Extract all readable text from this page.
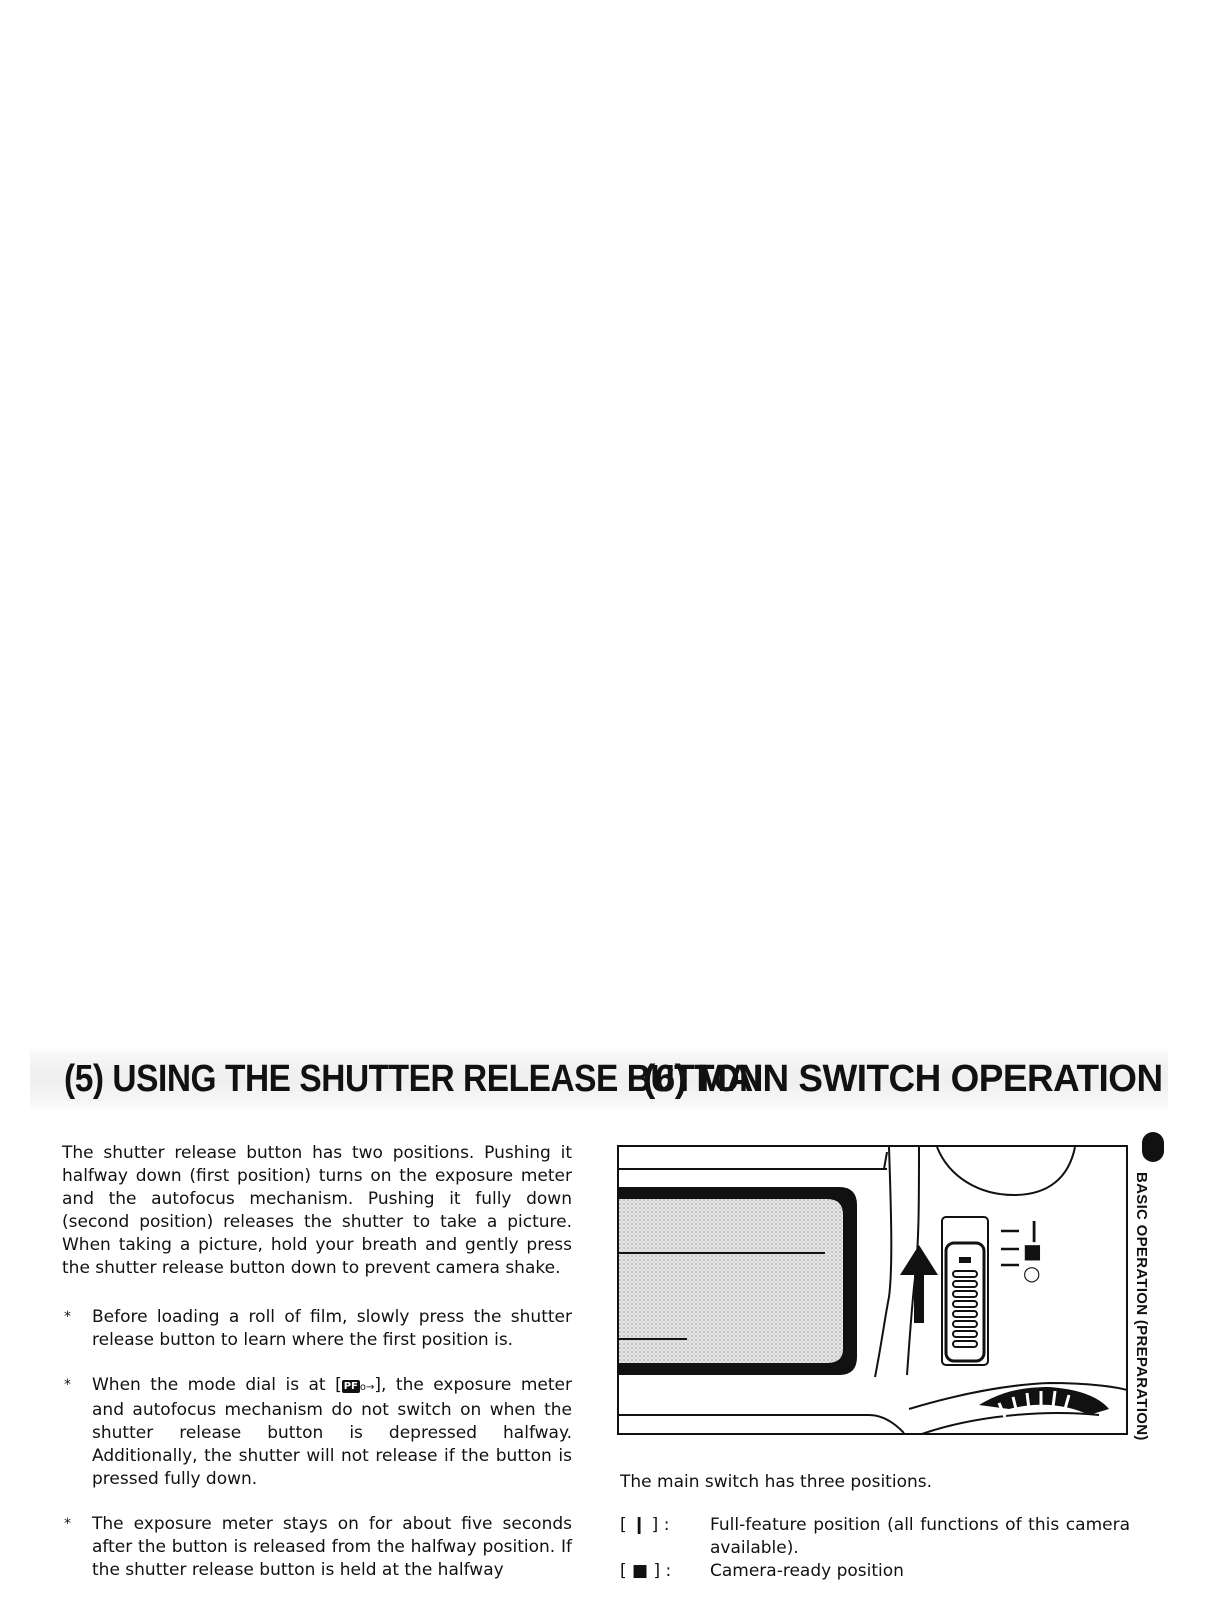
(5) USING THE SHUTTER RELEASE BUTTON
(6) MAIN SWITCH OPERATION

The shutter release button has two positions. Pushing it halfway down (first position) turns on the exposure meter and the autofocus mechanism. Pushing it fully down (second position) releases the shutter to take a picture. When taking a picture, hold your breath and gently press the shutter release button down to prevent camera shake.

* Before loading a roll of film, slowly press the shutter release button to learn where the first position is.
* When the mode dial is at [ PF o→], the exposure meter and autofocus mechanism do not switch on when the shutter release button is depressed halfway. Additionally, the shutter will not release if the button is pressed fully down.
* The exposure meter stays on for about five seconds after the button is released from the halfway position. If the shutter release button is held at the halfway
|
■
○	BASIC OPERATION (PREPARATION)

The main switch has three positions.

[ ❙ ] :	Full-feature position (all functions of this camera available).
[ ■ ] :	Camera-ready position
